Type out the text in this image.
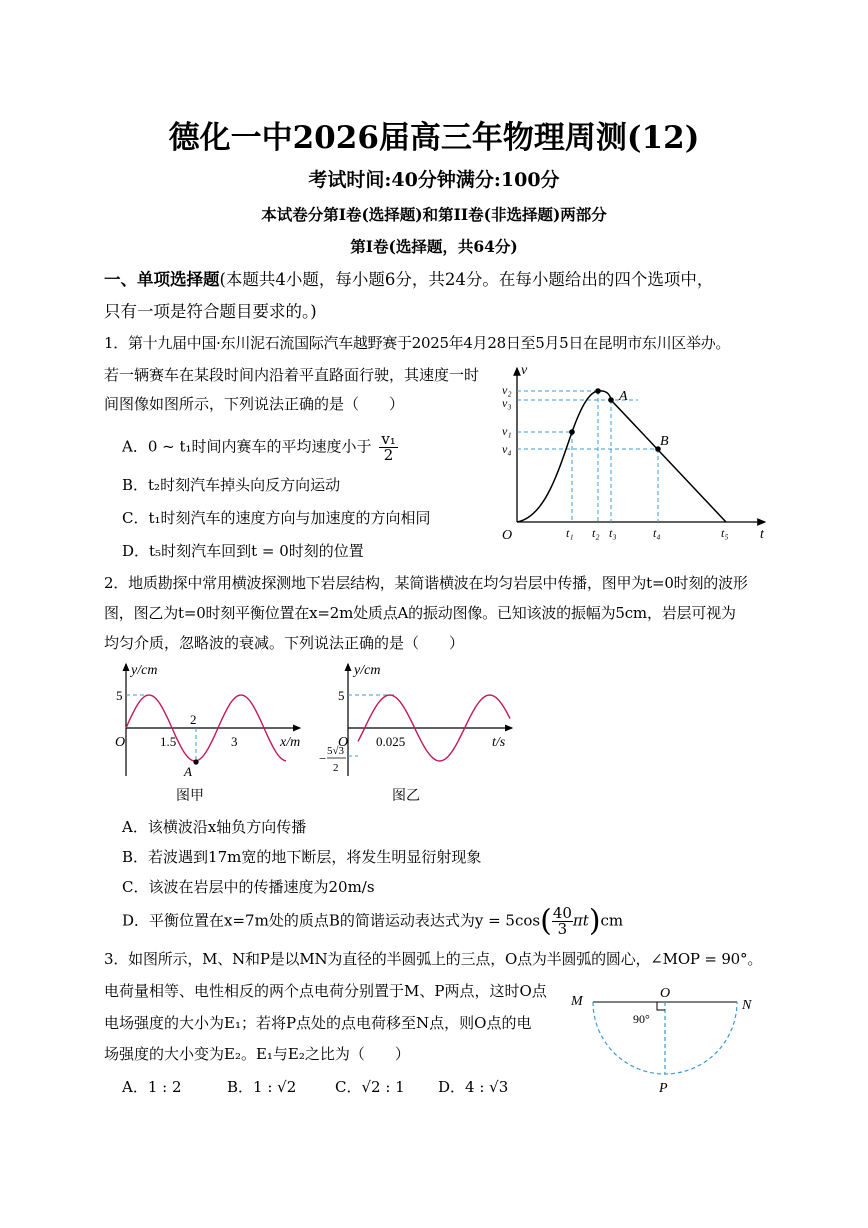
德化一中2026届高三年物理周测(12)
考试时间:40分钟满分:100分
本试卷分第I卷(选择题)和第II卷(非选择题)两部分
第I卷(选择题，共64分)
一、单项选择题(本题共4小题，每小题6分，共24分。在每小题给出的四个选项中，
只有一项是符合题目要求的。)
1．第十九届中国·东川泥石流国际汽车越野赛于2025年4月28日至5月5日在昆明市东川区举办。
若一辆赛车在某段时间内沿着平直路面行驶，其速度一时
间图像如图所示，下列说法正确的是（　　）
A．0 ~ t₁时间内赛车的平均速度小于 $\frac{\text{v₁}}{2}$
B．t₂时刻汽车掉头向反方向运动
C．t₁时刻汽车的速度方向与加速度的方向相同
D．t₅时刻汽车回到t = 0时刻的位置
v
t
O
v₂
v₃
v₁
v₄
t₁ t₂ t₃	t₄	t₅
A
B
2．地质勘探中常用横波探测地下岩层结构，某简谐横波在均匀岩层中传播，图甲为t=0时刻的波形
图，图乙为t=0时刻平衡位置在x=2m处质点A的振动图像。已知该波的振幅为5cm，岩层可视为
均匀介质，忽略波的衰减。下列说法正确的是（　　）
y/cm
x/m
O
5
1.5
2
3
A
图甲
y/cm
t/s
O
5
0.025
− 5√3
2
图乙
A．该横波沿x轴负方向传播
B．若波遇到17m宽的地下断层，将发生明显衍射现象
C．该波在岩层中的传播速度为20m/s
D．平衡位置在x=7m处的质点B的简谐运动表达式为$y = 5\cos( \frac{40}{3} \pi t)cm$
3．如图所示，M、N和P是以MN为直径的半圆弧上的三点，O点为半圆弧的圆心，∠MOP = 90°。
电荷量相等、电性相反的两个点电荷分别置于M、P两点，这时O点
电场强度的大小为E₁；若将P点处的点电荷移至N点，则O点的电
场强度的大小变为E₂。E₁与E₂之比为（　　）
A．1 : 2	B．1 : √2	C．√2 : 1 D．4 : √3
M	N
O
P
90°
